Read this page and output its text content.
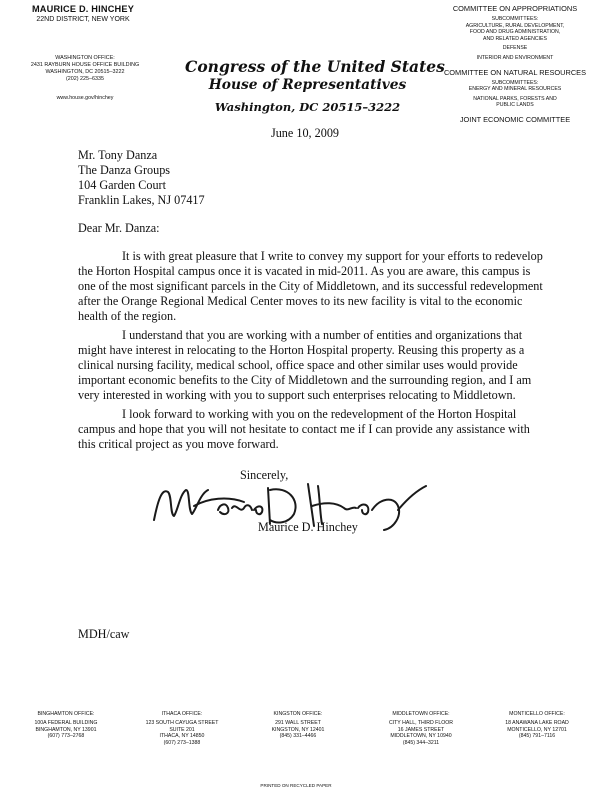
MAURICE D. HINCHEY

22ND DISTRICT, NEW YORK

WASHINGTON OFFICE:
2431 RAYBURN HOUSE OFFICE BUILDING
WASHINGTON, DC 20515–3222
(202) 225–6335
www.house.gov/hinchey
Congress of the United States
House of Representatives
Washington, DC 20515–3222
June 10, 2009
COMMITTEE ON APPROPRIATIONS
SUBCOMMITTEES:
AGRICULTURE, RURAL DEVELOPMENT,
FOOD AND DRUG ADMINISTRATION,
AND RELATED AGENCIES
DEFENSE
INTERIOR AND ENVIRONMENT
COMMITTEE ON NATURAL RESOURCES
SUBCOMMITTEES:
ENERGY AND MINERAL RESOURCES
NATIONAL PARKS, FORESTS AND
PUBLIC LANDS
JOINT ECONOMIC COMMITTEE
Mr. Tony Danza
The Danza Groups
104 Garden Court
Franklin Lakes, NJ 07417
Dear Mr. Danza:

It is with great pleasure that I write to convey my support for your efforts to redevelop the Horton Hospital campus once it is vacated in mid-2011. As you are aware, this campus is one of the most significant parcels in the City of Middletown, and its successful redevelopment after the Orange Regional Medical Center moves to its new facility is vital to the economic health of the region.

I understand that you are working with a number of entities and organizations that might have interest in relocating to the Horton Hospital property. Reusing this property as a clinical nursing facility, medical school, office space and other similar uses would provide important economic benefits to the City of Middletown and the surrounding region, and I am very interested in working with you to support such enterprises relocating to Middletown.

I look forward to working with you on the redevelopment of the Horton Hospital campus and hope that you will not hesitate to contact me if I can provide any assistance with this critical project as you move forward.

Sincerely,
Maurice D. Hinchey
MDH/caw
BINGHAMTON OFFICE:
100A FEDERAL BUILDING
BINGHAMTON, NY 13901
(607) 773–2768
ITHACA OFFICE:
123 SOUTH CAYUGA STREET
SUITE 201
ITHACA, NY 14850
(607) 273–1388
KINGSTON OFFICE:
291 WALL STREET
KINGSTON, NY 12401
(845) 331–4466
MIDDLETOWN OFFICE:
CITY HALL, THIRD FLOOR
16 JAMES STREET
MIDDLETOWN, NY 10940
(845) 344–3211
MONTICELLO OFFICE:
18 ANAWANA LAKE ROAD
MONTICELLO, NY 12701
(845) 791–7116
PRINTED ON RECYCLED PAPER
